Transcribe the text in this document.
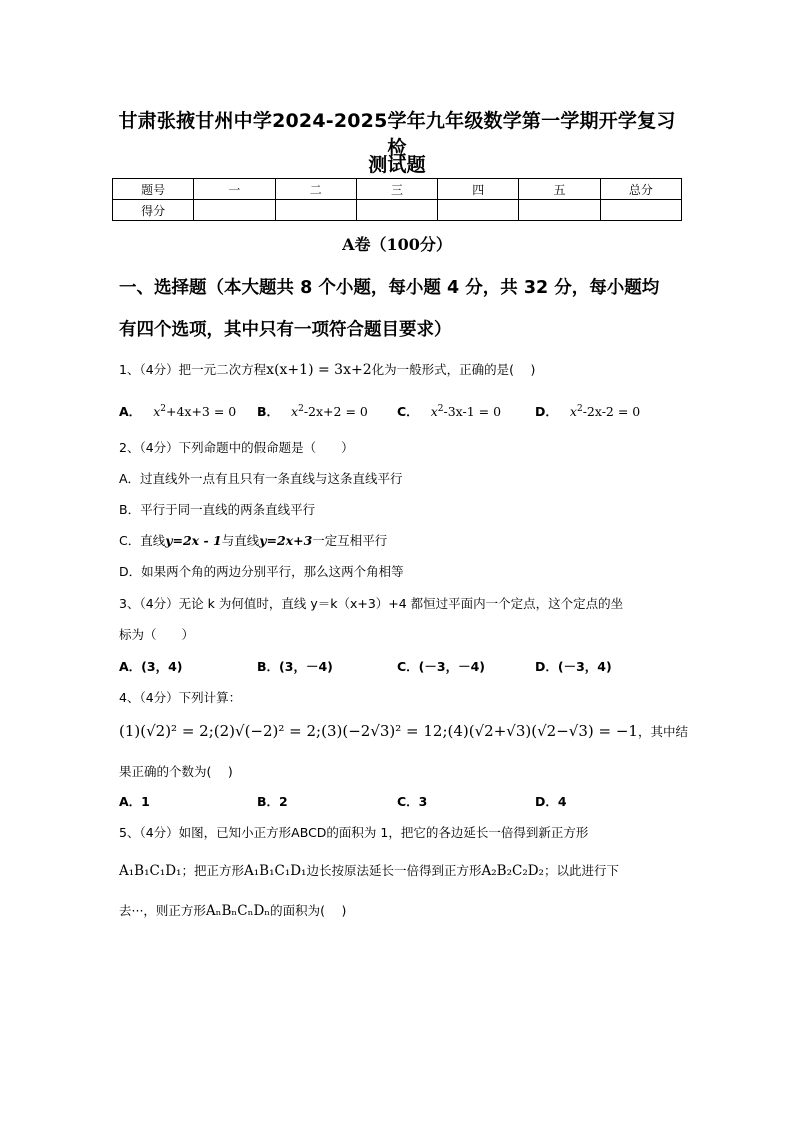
甘肃张掖甘州中学2024-2025学年九年级数学第一学期开学复习检
测试题
题号	一	二	三	四	五	总分
得分						
A卷（100分）
一、选择题（本大题共 8 个小题，每小题 4 分，共 32 分，每小题均
有四个选项，其中只有一项符合题目要求）
1、（4分）把一元二次方程x(x+1) = 3x+2化为一般形式，正确的是(　 )
A． $x^2+4x+3 = 0$ B． $x^2-2x+2 = 0$ C． $x^2-3x-1 = 0$	D． $x^2-2x-2 = 0$
2、（4分）下列命题中的假命题是（　　）
A．过直线外一点有且只有一条直线与这条直线平行
B．平行于同一直线的两条直线平行
C．直线y=2x - 1与直线y=2x+3一定互相平行
D．如果两个角的两边分别平行，那么这两个角相等
3、（4分）无论 k 为何值时，直线 y＝k（x+3）+4 都恒过平面内一个定点，这个定点的坐
标为（　　）
A．(3，4)	B．(3，－4)	C．(－3，－4)	D．(－3，4)
4、（4分）下列计算：
(1)(√2)² = 2;(2)√(−2)² = 2;(3)(−2√3)² = 12;(4)(√2+√3)(√2−√3) = −1，其中结
果正确的个数为(　 )
A．1	B．2	C．3	D．4
5、（4分）如图，已知小正方形ABCD的面积为 1，把它的各边延长一倍得到新正方形
A₁B₁C₁D₁；把正方形A₁B₁C₁D₁边长按原法延长一倍得到正方形A₂B₂C₂D₂；以此进行下
去···，则正方形AₙBₙCₙDₙ的面积为(　 )
